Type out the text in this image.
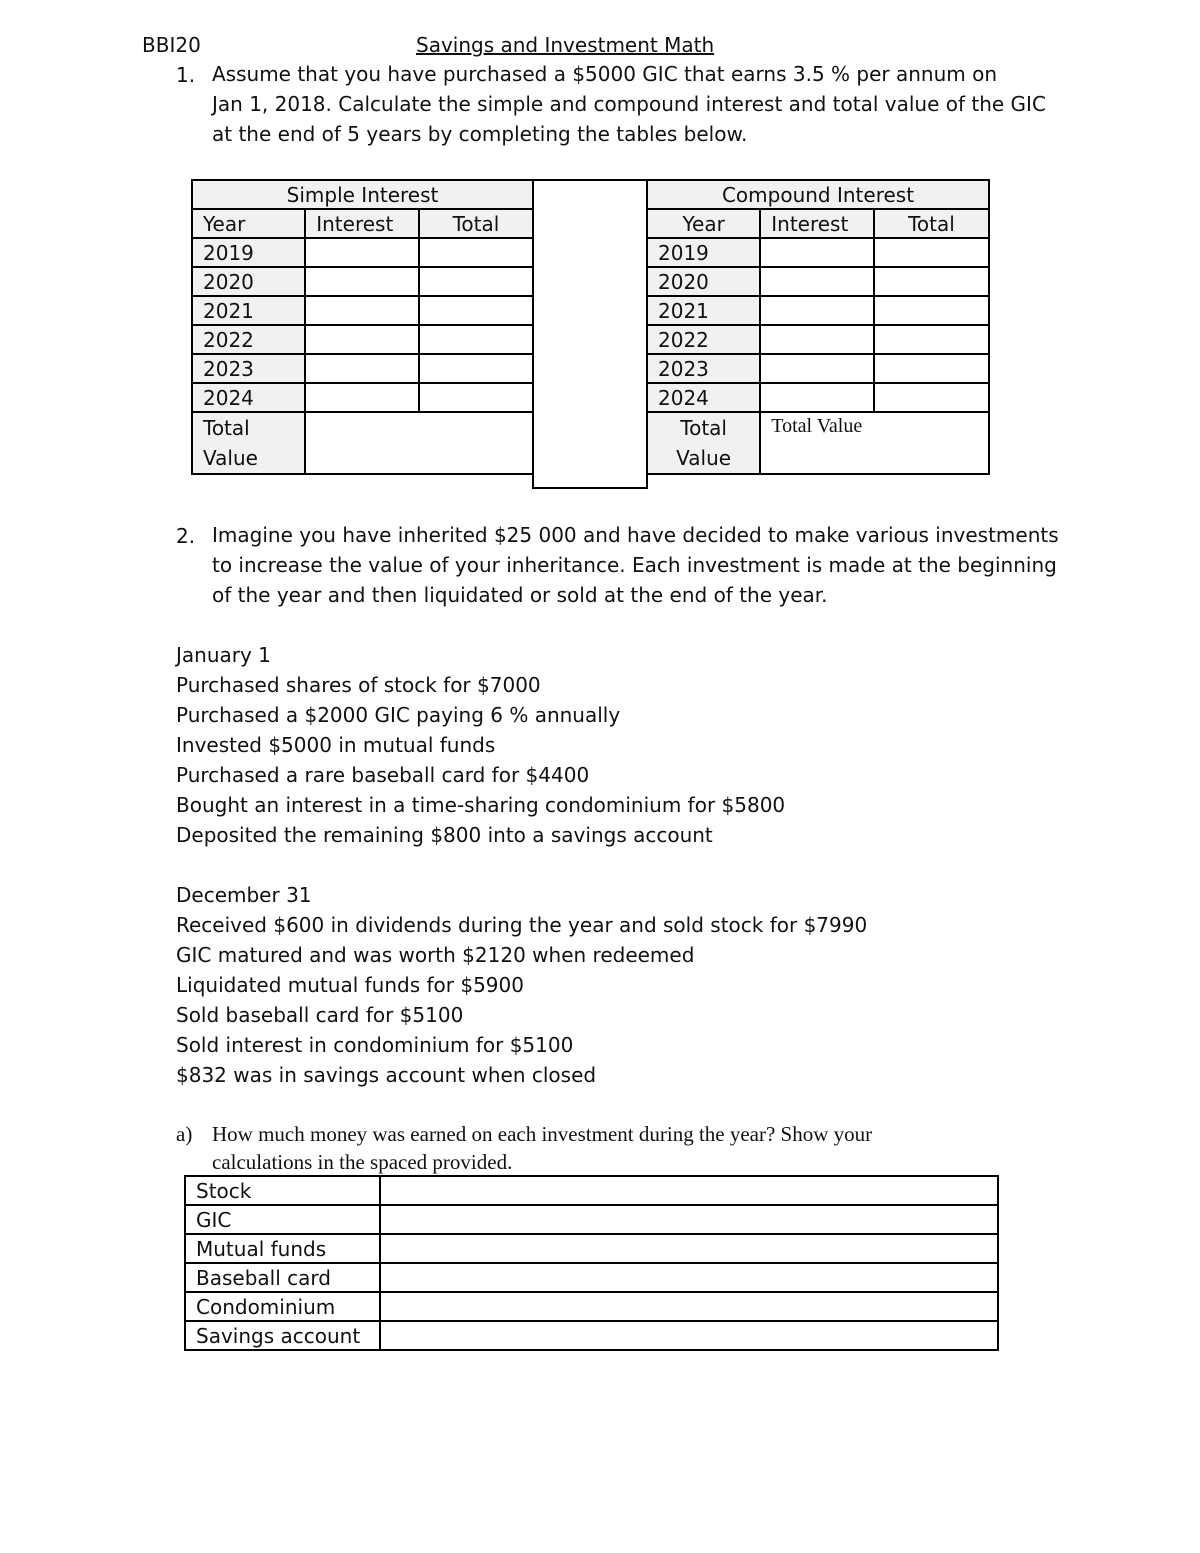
BBI20	Savings and Investment Math
1. Assume that you have purchased a $5000 GIC that earns 3.5 % per annum on
Jan 1, 2018. Calculate the simple and compound interest and total value of the GIC
at the end of 5 years by completing the tables below.
Simple Interest		
Year	Interest	Total
2019		
2020		
2021		
2022		
2023		
2024		

Total
Value		

Compound Interest		
Year	Interest	Total
2019		
2020		
2021		
2022		
2023		
2024		

Total
Value	Total Value	
2. Imagine you have inherited $25 000 and have decided to make various investments
to increase the value of your inheritance. Each investment is made at the beginning
of the year and then liquidated or sold at the end of the year.
January 1
Purchased shares of stock for $7000
Purchased a $2000 GIC paying 6 % annually
Invested $5000 in mutual funds
Purchased a rare baseball card for $4400
Bought an interest in a time-sharing condominium for $5800
Deposited the remaining $800 into a savings account
December 31
Received $600 in dividends during the year and sold stock for $7990
GIC matured and was worth $2120 when redeemed
Liquidated mutual funds for $5900
Sold baseball card for $5100
Sold interest in condominium for $5100
$832 was in savings account when closed
a) How much money was earned on each investment during the year? Show your
calculations in the spaced provided.
Stock	
GIC	
Mutual funds	
Baseball card	
Condominium	
Savings account	
